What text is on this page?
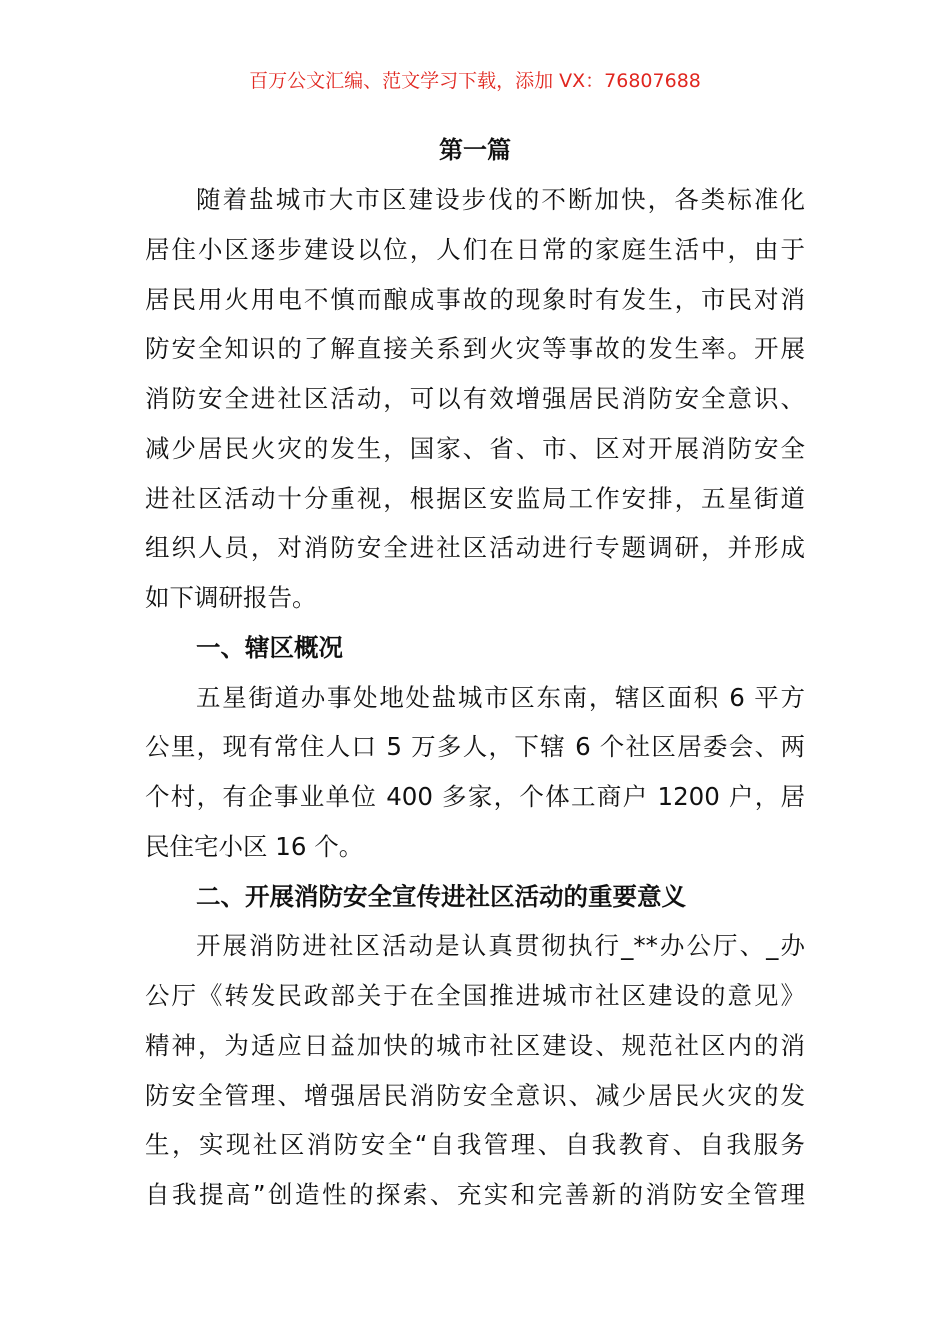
百万公文汇编、范文学习下载，添加 VX：76807688
第一篇
随着盐城市大市区建设步伐的不断加快，各类标准化
居住小区逐步建设以位，人们在日常的家庭生活中，由于
居民用火用电不慎而酿成事故的现象时有发生，市民对消
防安全知识的了解直接关系到火灾等事故的发生率。开展
消防安全进社区活动，可以有效增强居民消防安全意识、
减少居民火灾的发生，国家、省、市、区对开展消防安全
进社区活动十分重视，根据区安监局工作安排，五星街道
组织人员，对消防安全进社区活动进行专题调研，并形成
如下调研报告。
一、辖区概况
五星街道办事处地处盐城市区东南，辖区面积 6 平方
公里，现有常住人口 5 万多人，下辖 6 个社区居委会、两
个村，有企事业单位 400 多家，个体工商户 1200 户，居
民住宅小区 16 个。
二、开展消防安全宣传进社区活动的重要意义
开展消防进社区活动是认真贯彻执行_**办公厅、_办
公厅《转发民政部关于在全国推进城市社区建设的意见》
精神，为适应日益加快的城市社区建设、规范社区内的消
防安全管理、增强居民消防安全意识、减少居民火灾的发
生，实现社区消防安全“自我管理、自我教育、自我服务
自我提高”创造性的探索、充实和完善新的消防安全管理
